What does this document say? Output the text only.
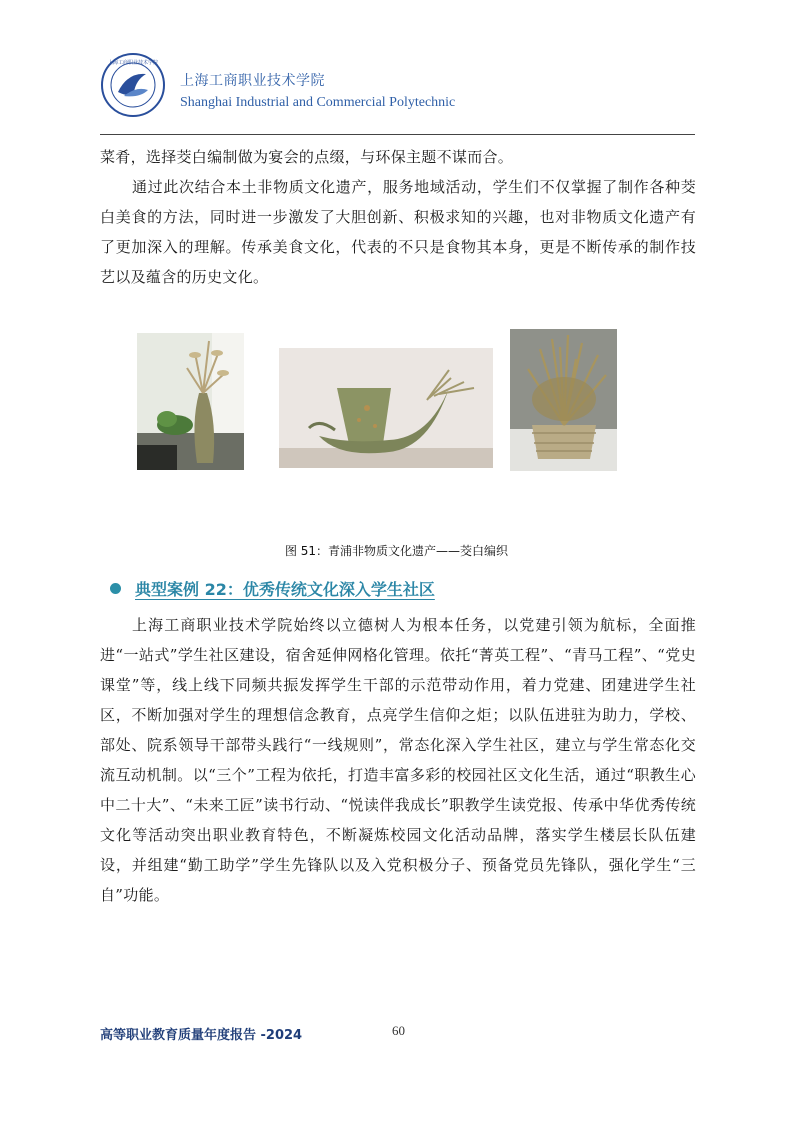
上海工商职业技术学院
上海工商职业技术学院
Shanghai Industrial and Commercial Polytechnic

菜肴，选择茭白编制做为宴会的点缀，与环保主题不谋而合。

通过此次结合本土非物质文化遗产，服务地域活动，学生们不仅掌握了制作各种茭白美食的方法，同时进一步激发了大胆创新、积极求知的兴趣，也对非物质文化遗产有了更加深入的理解。传承美食文化，代表的不只是食物其本身，更是不断传承的制作技艺以及蕴含的历史文化。

图 51：青浦非物质文化遗产——茭白编织
典型案例 22：优秀传统文化深入学生社区

上海工商职业技术学院始终以立德树人为根本任务，以党建引领为航标，全面推进“一站式”学生社区建设，宿舍延伸网格化管理。依托“菁英工程”、“青马工程”、“党史课堂”等，线上线下同频共振发挥学生干部的示范带动作用，着力党建、团建进学生社区，不断加强对学生的理想信念教育，点亮学生信仰之炬；以队伍进驻为助力，学校、部处、院系领导干部带头践行“一线规则”，常态化深入学生社区，建立与学生常态化交流互动机制。以“三个”工程为依托，打造丰富多彩的校园社区文化生活，通过“职教生心中二十大”、“未来工匠”读书行动、“悦读伴我成长”职教学生读党报、传承中华优秀传统文化等活动突出职业教育特色，不断凝炼校园文化活动品牌，落实学生楼层长队伍建设，并组建“勤工助学”学生先锋队以及入党积极分子、预备党员先锋队，强化学生“三自”功能。

高等职业教育质量年度报告 -2024	60
